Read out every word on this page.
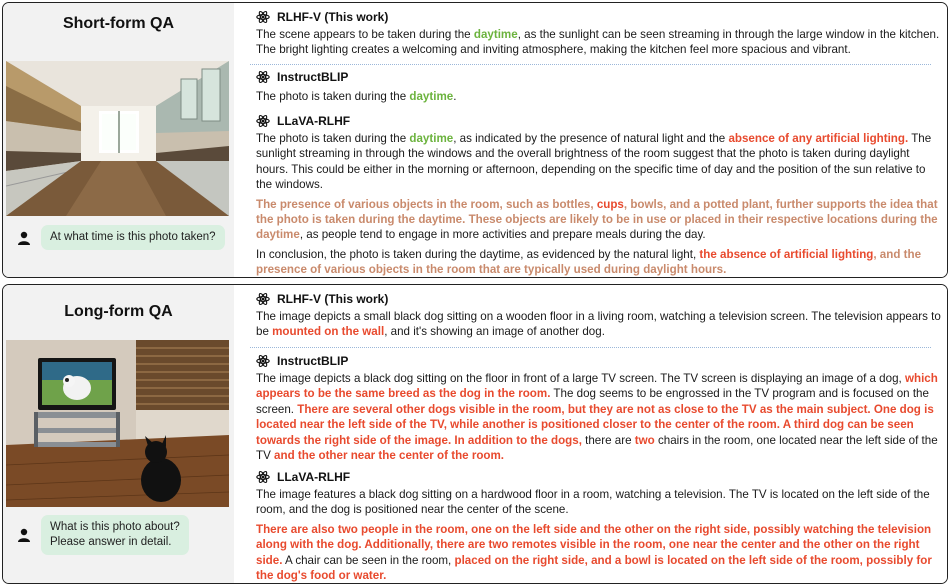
Short-form QA
At what time is this photo taken?
RLHF-V (This work)
The scene appears to be taken during the daytime, as the sunlight can be seen streaming in through the large window in the kitchen. The bright lighting creates a welcoming and inviting atmosphere, making the kitchen feel more spacious and vibrant.
InstructBLIP
The photo is taken during the daytime.
LLaVA-RLHF

The photo is taken during the daytime, as indicated by the presence of natural light and the absence of any artificial lighting. The sunlight streaming in through the windows and the overall brightness of the room suggest that the photo is taken during daylight hours. This could be either in the morning or afternoon, depending on the specific time of day and the position of the sun relative to the windows.

The presence of various objects in the room, such as bottles, cups, bowls, and a potted plant, further supports the idea that the photo is taken during the daytime. These objects are likely to be in use or placed in their respective locations during the daytime, as people tend to engage in more activities and prepare meals during the day.

In conclusion, the photo is taken during the daytime, as evidenced by the natural light, the absence of artificial lighting, and the presence of various objects in the room that are typically used during daylight hours.

Long-form QA
What is this photo about?
Please answer in detail.
RLHF-V (This work)
The image depicts a small black dog sitting on a wooden floor in a living room, watching a television screen. The television appears to be mounted on the wall, and it's showing an image of another dog.
InstructBLIP
The image depicts a black dog sitting on the floor in front of a large TV screen. The TV screen is displaying an image of a dog, which appears to be the same breed as the dog in the room. The dog seems to be engrossed in the TV program and is focused on the screen. There are several other dogs visible in the room, but they are not as close to the TV as the main subject. One dog is located near the left side of the TV, while another is positioned closer to the center of the room. A third dog can be seen towards the right side of the image. In addition to the dogs, there are two chairs in the room, one located near the left side of the TV and the other near the center of the room.
LLaVA-RLHF

The image features a black dog sitting on a hardwood floor in a room, watching a television. The TV is located on the left side of the room, and the dog is positioned near the center of the scene.

There are also two people in the room, one on the left side and the other on the right side, possibly watching the television along with the dog. Additionally, there are two remotes visible in the room, one near the center and the other on the right side. A chair can be seen in the room, placed on the right side, and a bowl is located on the left side of the room, possibly for the dog's food or water.
